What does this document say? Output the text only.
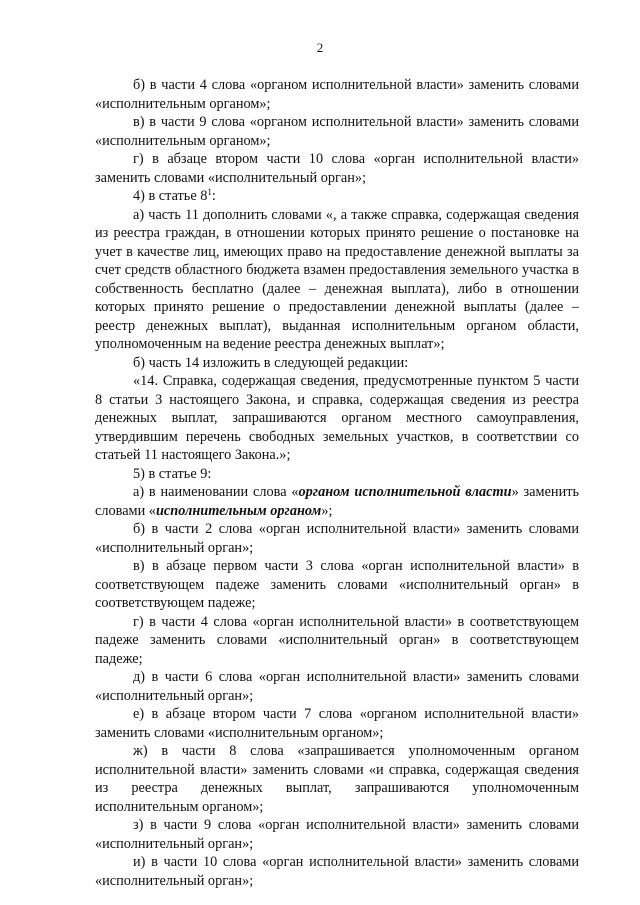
2

б) в части 4 слова «органом исполнительной власти» заменить словами «исполнительным органом»;

в) в части 9 слова «органом исполнительной власти» заменить словами «исполнительным органом»;

г) в абзаце втором части 10 слова «орган исполнительной власти» заменить словами «исполнительный орган»;

4) в статье $8^1$:

а) часть 11 дополнить словами «, а также справка, содержащая сведения из реестра граждан, в отношении которых принято решение о постановке на учет в качестве лиц, имеющих право на предоставление денежной выплаты за счет средств областного бюджета взамен предоставления земельного участка в собственность бесплатно (далее – денежная выплата), либо в отношении которых принято решение о предоставлении денежной выплаты (далее – реестр денежных выплат), выданная исполнительным органом области, уполномоченным на ведение реестра денежных выплат»;

б) часть 14 изложить в следующей редакции:

«14. Справка, содержащая сведения, предусмотренные пунктом 5 части 8 статьи 3 настоящего Закона, и справка, содержащая сведения из реестра денежных выплат, запрашиваются органом местного самоуправления, утвердившим перечень свободных земельных участков, в соответствии со статьей 11 настоящего Закона.»;

5) в статье 9:

а) в наименовании слова «органом исполнительной власти» заменить словами «исполнительным органом»;

б) в части 2 слова «орган исполнительной власти» заменить словами «исполнительный орган»;

в) в абзаце первом части 3 слова «орган исполнительной власти» в соответствующем падеже заменить словами «исполнительный орган» в соответствующем падеже;

г) в части 4 слова «орган исполнительной власти» в соответствующем падеже заменить словами «исполнительный орган» в соответствующем падеже;

д) в части 6 слова «орган исполнительной власти» заменить словами «исполнительный орган»;

е) в абзаце втором части 7 слова «органом исполнительной власти» заменить словами «исполнительным органом»;

ж) в части 8 слова «запрашивается уполномоченным органом исполнительной власти» заменить словами «и справка, содержащая сведения из реестра денежных выплат, запрашиваются уполномоченным исполнительным органом»;

з) в части 9 слова «орган исполнительной власти» заменить словами «исполнительный орган»;

и) в части 10 слова «орган исполнительной власти» заменить словами «исполнительный орган»;
